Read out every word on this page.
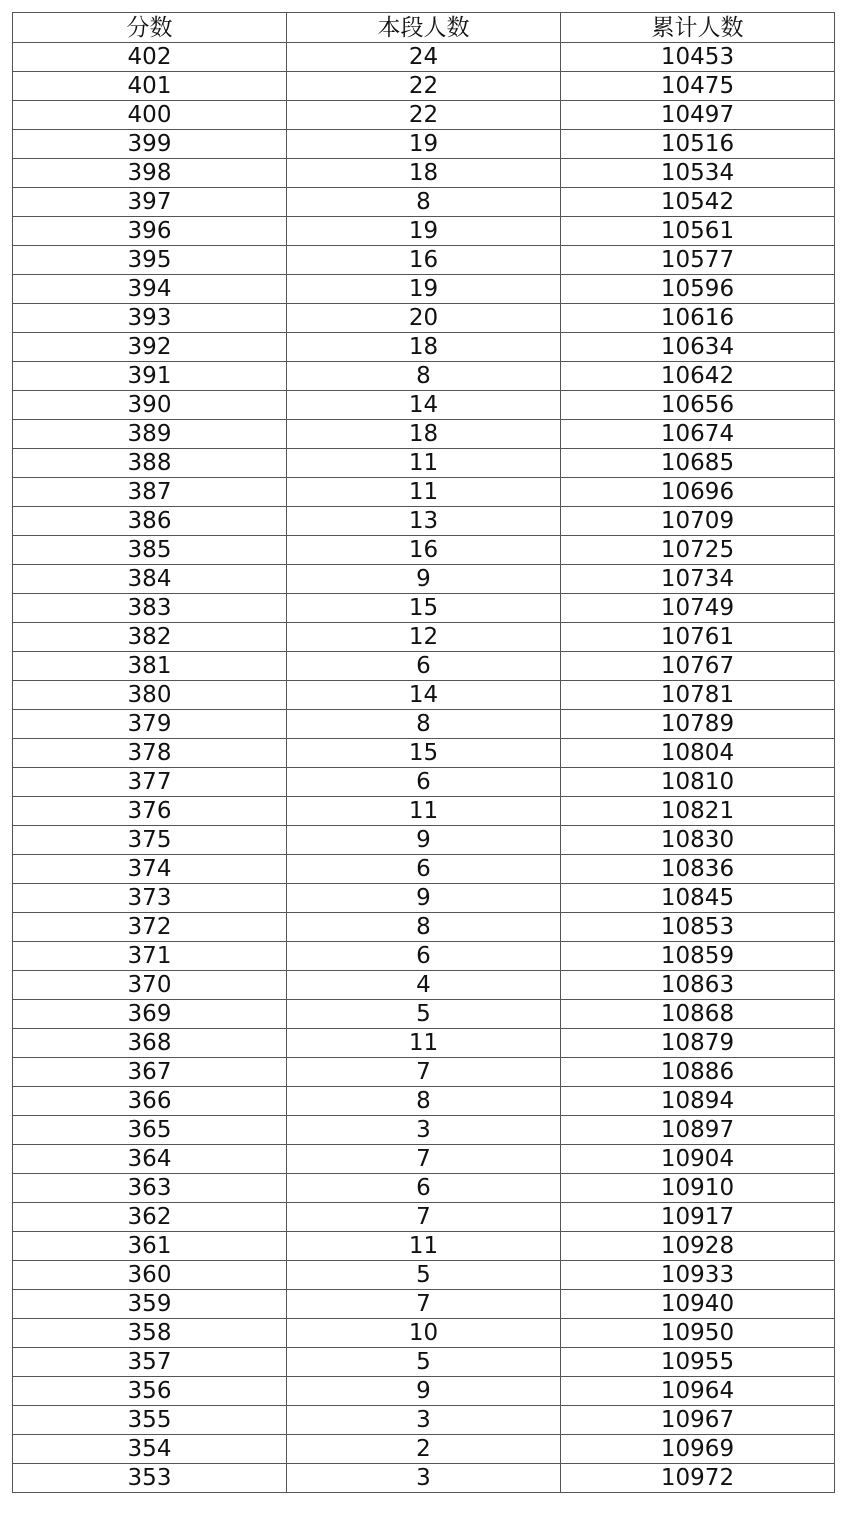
分数	本段人数	累计人数
402	24	10453
401	22	10475
400	22	10497
399	19	10516
398	18	10534
397	8	10542
396	19	10561
395	16	10577
394	19	10596
393	20	10616
392	18	10634
391	8	10642
390	14	10656
389	18	10674
388	11	10685
387	11	10696
386	13	10709
385	16	10725
384	9	10734
383	15	10749
382	12	10761
381	6	10767
380	14	10781
379	8	10789
378	15	10804
377	6	10810
376	11	10821
375	9	10830
374	6	10836
373	9	10845
372	8	10853
371	6	10859
370	4	10863
369	5	10868
368	11	10879
367	7	10886
366	8	10894
365	3	10897
364	7	10904
363	6	10910
362	7	10917
361	11	10928
360	5	10933
359	7	10940
358	10	10950
357	5	10955
356	9	10964
355	3	10967
354	2	10969
353	3	10972
